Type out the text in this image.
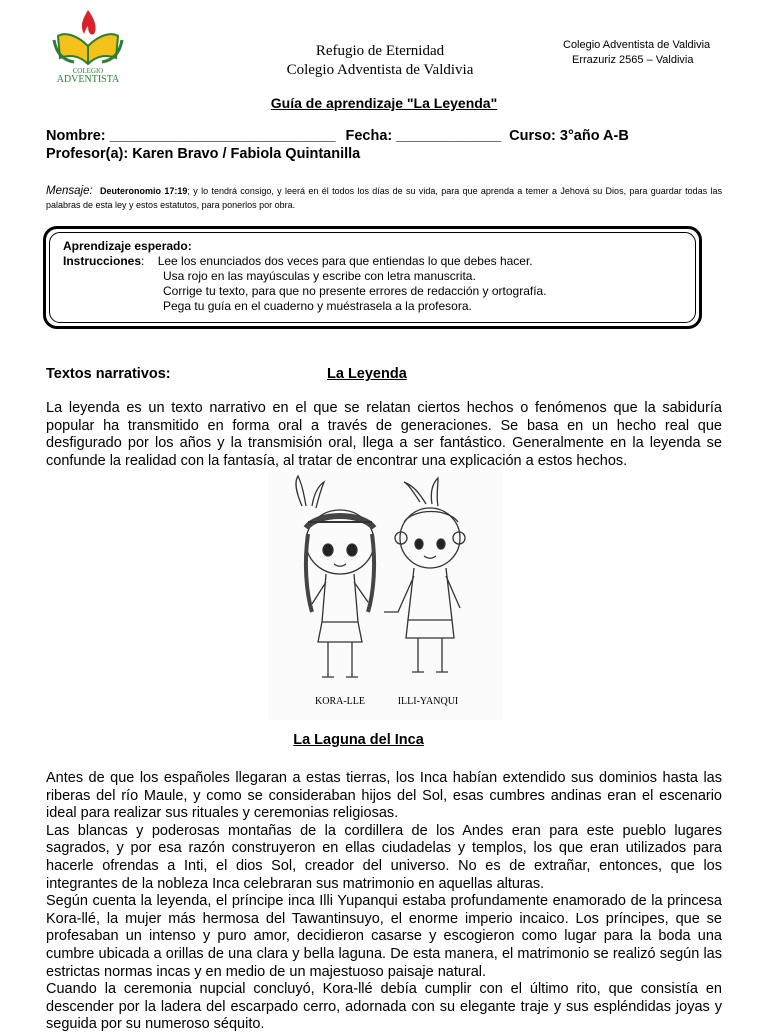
COLEGIO
ADVENTISTA
Refugio de Eternidad
Colegio Adventista de Valdivia
Colegio Adventista de Valdivia
Errazuriz 2565 – Valdivia
Guía de aprendizaje "La Leyenda"
Nombre: ____________________________ Fecha: _____________ Curso: 3°año A-B
Profesor(a): Karen Bravo / Fabiola Quintanilla
Mensaje: Deuteronomio 17:19; y lo tendrá consigo, y leerá en él todos los días de su vida, para que aprenda a temer a Jehová su Dios, para guardar todas las palabras de esta ley y estos estatutos, para ponerlos por obra.
Aprendizaje esperado:
Instrucciones:    Lee los enunciados dos veces para que entiendas lo que debes hacer.
Usa rojo en las mayúsculas y escribe con letra manuscrita.
Corrige tu texto, para que no presente errores de redacción y ortografía.
Pega tu guía en el cuaderno y muéstrasela a la profesora.
Textos narrativos:	La Leyenda

La leyenda es un texto narrativo en el que se relatan ciertos hechos o fenómenos que la sabiduría popular ha transmitido en forma oral a través de generaciones. Se basa en un hecho real que desfigurado por los años y la transmisión oral, llega a ser fantástico. Generalmente en la leyenda se confunde la realidad con la fantasía, al tratar de encontrar una explicación a estos hechos.

KORA-LLE	ILLI-YANQUI
La Laguna del Inca

Antes de que los españoles llegaran a estas tierras, los Inca habían extendido sus dominios hasta las riberas del río Maule, y como se consideraban hijos del Sol, esas cumbres andinas eran el escenario ideal para realizar sus rituales y ceremonias religiosas.

Las blancas y poderosas montañas de la cordillera de los Andes eran para este pueblo lugares sagrados, y por esa razón construyeron en ellas ciudadelas y templos, los que eran utilizados para hacerle ofrendas a Inti, el dios Sol, creador del universo. No es de extrañar, entonces, que los integrantes de la nobleza Inca celebraran sus matrimonio en aquellas alturas.

Según cuenta la leyenda, el príncipe inca Illi Yupanqui estaba profundamente enamorado de la princesa Kora-llé, la mujer más hermosa del Tawantinsuyo, el enorme imperio incaico. Los príncipes, que se profesaban un intenso y puro amor, decidieron casarse y escogieron como lugar para la boda una cumbre ubicada a orillas de una clara y bella laguna. De esta manera, el matrimonio se realizó según las estrictas normas incas y en medio de un majestuoso paisaje natural.

Cuando la ceremonia nupcial concluyó, Kora-llé debía cumplir con el último rito, que consistía en descender por la ladera del escarpado cerro, adornada con su elegante traje y sus espléndidas joyas y seguida por su numeroso séquito.
